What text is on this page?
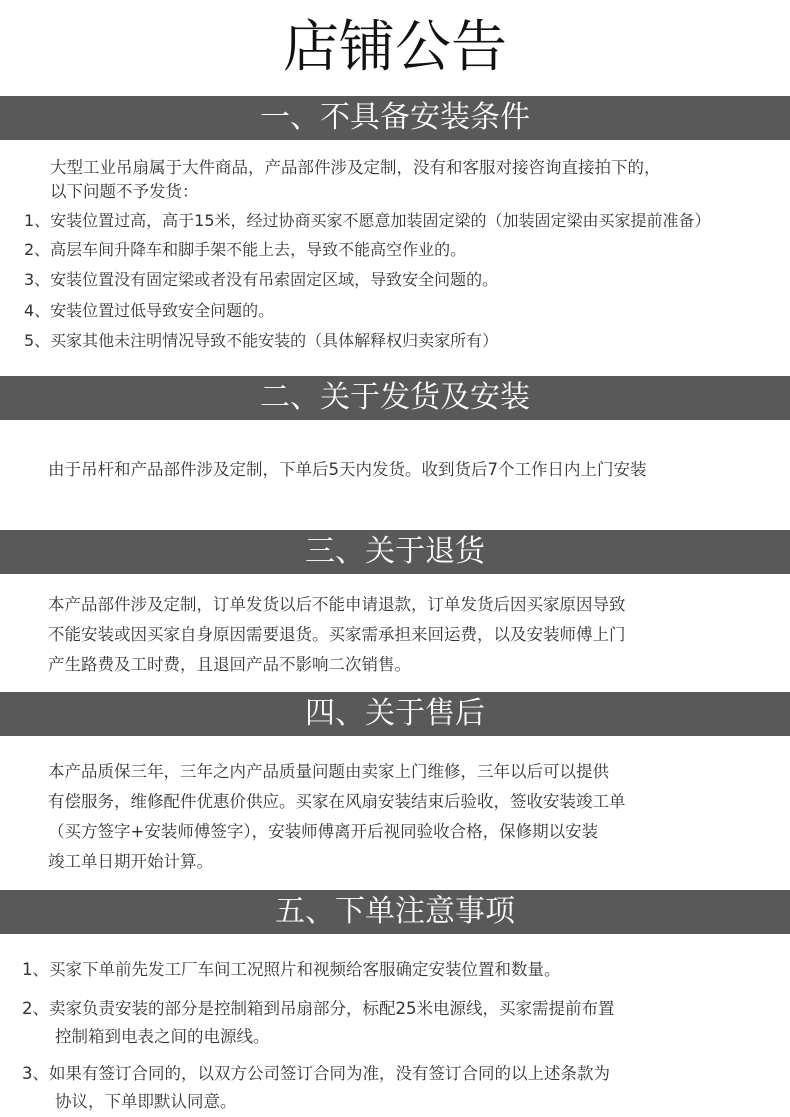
店铺公告
一、不具备安装条件
大型工业吊扇属于大件商品，产品部件涉及定制，没有和客服对接咨询直接拍下的，
以下问题不予发货：
1、安装位置过高，高于15米，经过协商买家不愿意加装固定梁的（加装固定梁由买家提前准备）
2、高层车间升降车和脚手架不能上去，导致不能高空作业的。
3、安装位置没有固定梁或者没有吊索固定区域，导致安全问题的。
4、安装位置过低导致安全问题的。
5、买家其他未注明情况导致不能安装的（具体解释权归卖家所有）
二、关于发货及安装
由于吊杆和产品部件涉及定制，下单后5天内发货。收到货后7个工作日内上门安装
三、关于退货
本产品部件涉及定制，订单发货以后不能申请退款，订单发货后因买家原因导致
不能安装或因买家自身原因需要退货。买家需承担来回运费，以及安装师傅上门
产生路费及工时费，且退回产品不影响二次销售。
四、关于售后
本产品质保三年，三年之内产品质量问题由卖家上门维修，三年以后可以提供
有偿服务，维修配件优惠价供应。买家在风扇安装结束后验收，签收安装竣工单
（买方签字+安装师傅签字），安装师傅离开后视同验收合格，保修期以安装
竣工单日期开始计算。
五、下单注意事项
1、买家下单前先发工厂车间工况照片和视频给客服确定安装位置和数量。
2、卖家负责安装的部分是控制箱到吊扇部分，标配25米电源线，买家需提前布置
控制箱到电表之间的电源线。
3、如果有签订合同的，以双方公司签订合同为准，没有签订合同的以上述条款为
协议，下单即默认同意。
